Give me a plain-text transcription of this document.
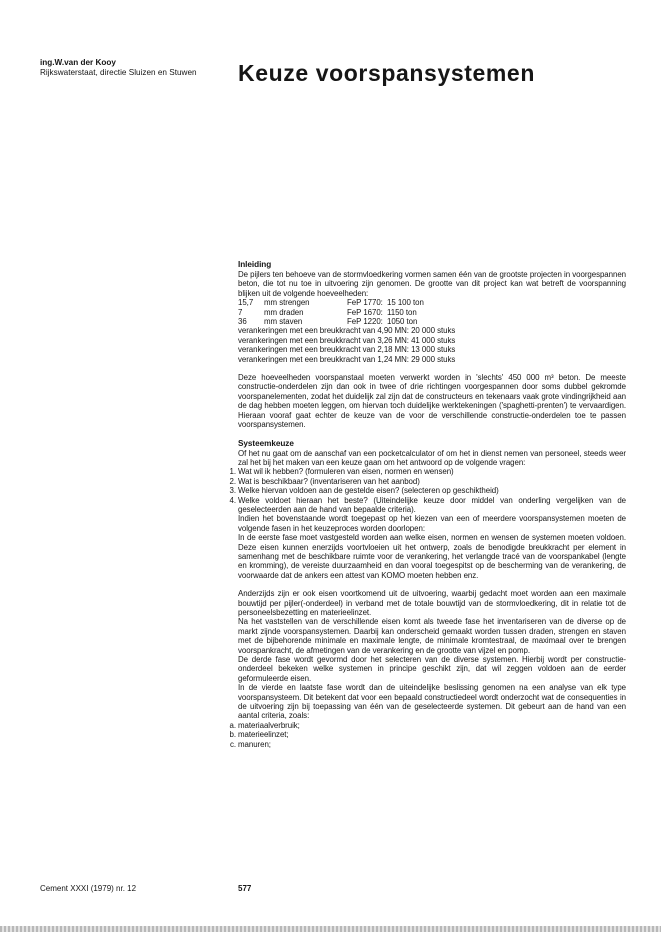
ing.W.van der Kooy
Rijkswaterstaat, directie Sluizen en Stuwen Keuze voorspansystemen
Inleiding

De pijlers ten behoeve van de stormvloedkering vormen samen één van de grootste projecten in voorgespannen beton, die tot nu toe in uitvoering zijn genomen. De grootte van dit project kan wat betreft de voorspanning blijken uit de volgende hoeveelheden:

15,7	mm strengen	FeP 1770: 15 100 ton
7	mm draden	FeP 1670: 1150 ton
36	mm staven	FeP 1220: 1050 ton

verankeringen met een breukkracht van 4,90 MN: 20 000 stuks

verankeringen met een breukkracht van 3,26 MN: 41 000 stuks

verankeringen met een breukkracht van 2,18 MN: 13 000 stuks

verankeringen met een breukkracht van 1,24 MN: 29 000 stuks

Deze hoeveelheden voorspanstaal moeten verwerkt worden in 'slechts' 450 000 m³ beton. De meeste constructie-onderdelen zijn dan ook in twee of drie richtingen voorgespannen door soms dubbel gekromde voorspanelementen, zodat het duidelijk zal zijn dat de constructeurs en tekenaars vaak grote vindingrijkheid aan de dag hebben moeten leggen, om hiervan toch duidelijke werktekeningen ('spaghetti-prenten') te vervaardigen. Hieraan vooraf gaat echter de keuze van de voor de verschillende constructie-onderdelen toe te passen voorspansystemen.

Systeemkeuze

Of het nu gaat om de aanschaf van een pocketcalculator of om het in dienst nemen van personeel, steeds weer zal het bij het maken van een keuze gaan om het antwoord op de volgende vragen:

1. Wat wil ik hebben? (formuleren van eisen, normen en wensen)
2. Wat is beschikbaar? (inventariseren van het aanbod)
3. Welke hiervan voldoen aan de gestelde eisen? (selecteren op geschiktheid)
4. Welke voldoet hieraan het beste? (Uiteindelijke keuze door middel van onderling vergelijken van de geselecteerden aan de hand van bepaalde criteria).

Indien het bovenstaande wordt toegepast op het kiezen van een of meerdere voorspansystemen moeten de volgende fasen in het keuzeproces worden doorlopen:

In de eerste fase moet vastgesteld worden aan welke eisen, normen en wensen de systemen moeten voldoen. Deze eisen kunnen enerzijds voortvloeien uit het ontwerp, zoals de benodigde breukkracht per element in samenhang met de beschikbare ruimte voor de verankering, het verlangde tracé van de voorspankabel (lengte en kromming), de vereiste duurzaamheid en dan vooral toegespitst op de bescherming van de verankering, de voorwaarde dat de ankers een attest van KOMO moeten hebben enz.

Anderzijds zijn er ook eisen voortkomend uit de uitvoering, waarbij gedacht moet worden aan een maximale bouwtijd per pijler(-onderdeel) in verband met de totale bouwtijd van de stormvloedkering, dit in relatie tot de personeelsbezetting en materieelinzet.

Na het vaststellen van de verschillende eisen komt als tweede fase het inventariseren van de diverse op de markt zijnde voorspansystemen. Daarbij kan onderscheid gemaakt worden tussen draden, strengen en staven met de bijbehorende minimale en maximale lengte, de minimale kromtestraal, de maximaal over te brengen voorspankracht, de afmetingen van de verankering en de grootte van vijzel en pomp.

De derde fase wordt gevormd door het selecteren van de diverse systemen. Hierbij wordt per constructie-onderdeel bekeken welke systemen in principe geschikt zijn, dat wil zeggen voldoen aan de eerder geformuleerde eisen.

In de vierde en laatste fase wordt dan de uiteindelijke beslissing genomen na een analyse van elk type voorspansysteem. Dit betekent dat voor een bepaald constructiedeel wordt onderzocht wat de consequenties in de uitvoering zijn bij toepassing van één van de geselecteerde systemen. Dit gebeurt aan de hand van een aantal criteria, zoals:

a. materiaalverbruik;
b. materieelinzet;
c. manuren;
Cement XXXI (1979) nr. 12	577
